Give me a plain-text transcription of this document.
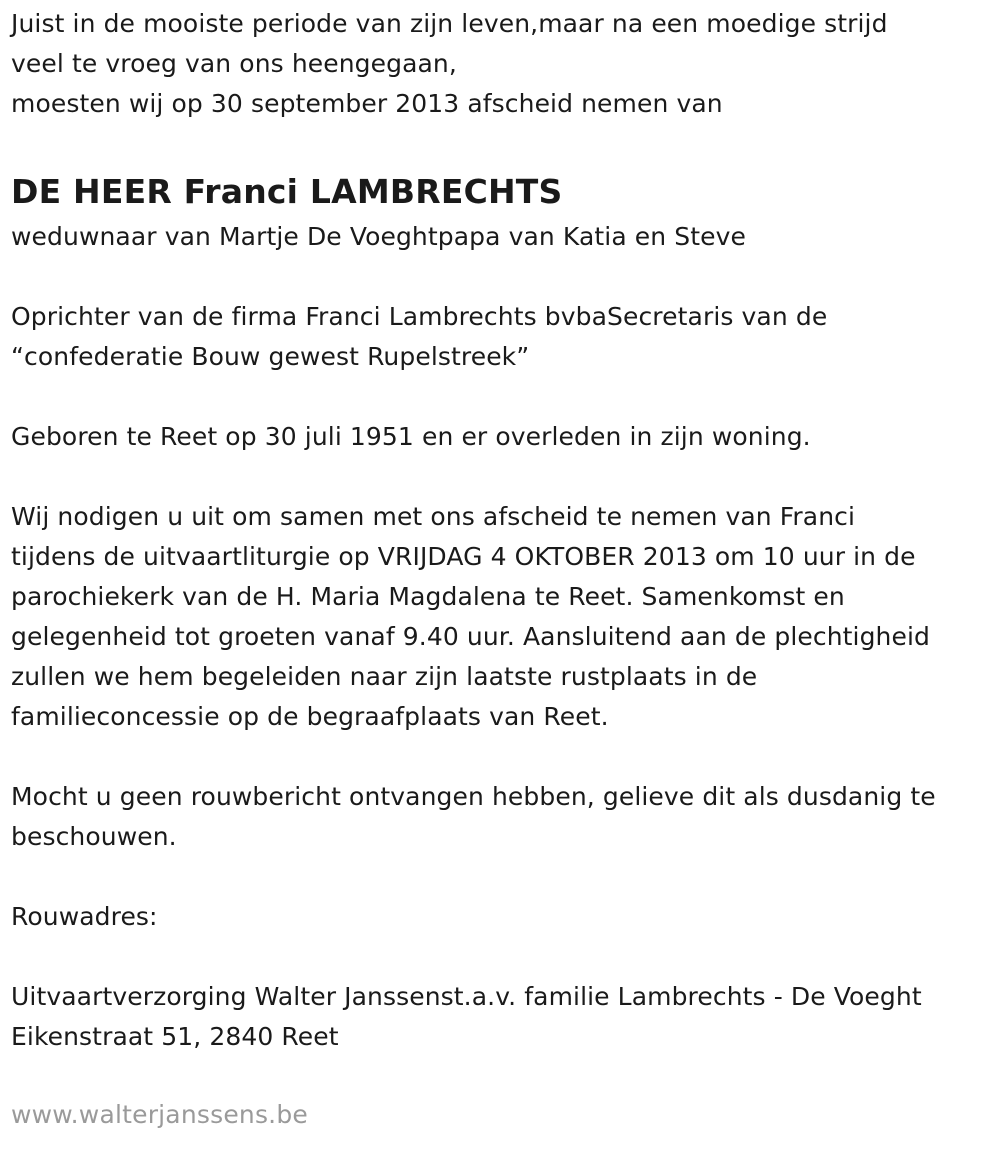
Juist in de mooiste periode van zijn leven,maar na een moedige strijd
veel te vroeg van ons heengegaan,
moesten wij op 30 september 2013 afscheid nemen van

DE HEER Franci LAMBRECHTS

weduwnaar van Martje De Voeghtpapa van Katia en Steve

Oprichter van de firma Franci Lambrechts bvbaSecretaris van de
“confederatie Bouw gewest Rupelstreek”

Geboren te Reet op 30 juli 1951 en er overleden in zijn woning.

Wij nodigen u uit om samen met ons afscheid te nemen van Franci
tijdens de uitvaartliturgie op VRIJDAG 4 OKTOBER 2013 om 10 uur in de
parochiekerk van de H. Maria Magdalena te Reet. Samenkomst en
gelegenheid tot groeten vanaf 9.40 uur. Aansluitend aan de plechtigheid
zullen we hem begeleiden naar zijn laatste rustplaats in de
familieconcessie op de begraafplaats van Reet.

Mocht u geen rouwbericht ontvangen hebben, gelieve dit als dusdanig te
beschouwen.

Rouwadres:

Uitvaartverzorging Walter Janssenst.a.v. familie Lambrechts - De Voeght
Eikenstraat 51, 2840 Reet

www.walterjanssens.be
